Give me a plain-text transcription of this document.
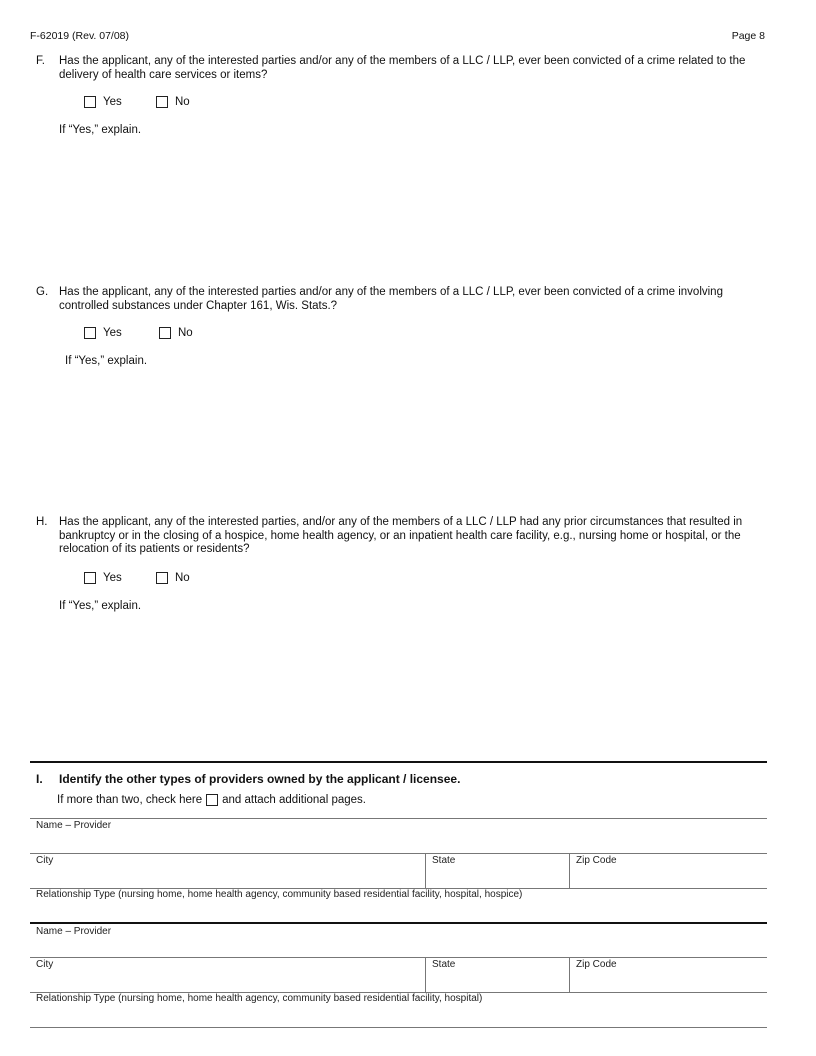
F-62019 (Rev. 07/08)	Page 8
F.	Has the applicant, any of the interested parties and/or any of the members of a LLC / LLP, ever been convicted of a crime related to the delivery of health care services or items?
Yes
	No
If “Yes,” explain.
G. Has the applicant, any of the interested parties and/or any of the members of a LLC / LLP, ever been convicted of a crime involving controlled substances under Chapter 161, Wis. Stats.?
Yes
	No
If “Yes,” explain.
H.	Has the applicant, any of the interested parties, and/or any of the members of a LLC / LLP had any prior circumstances that resulted in bankruptcy or in the closing of a hospice, home health agency, or an inpatient health care facility, e.g., nursing home or hospital, or the relocation of its patients or residents?
Yes
	No
If “Yes,” explain.
I. Identify the other types of providers owned by the applicant / licensee.
If more than two, check here and attach additional pages.
Name – Provider
City	State	Zip Code
Relationship Type (nursing home, home health agency, community based residential facility, hospital, hospice)
Name – Provider
City	State	Zip Code
Relationship Type (nursing home, home health agency, community based residential facility, hospital)
